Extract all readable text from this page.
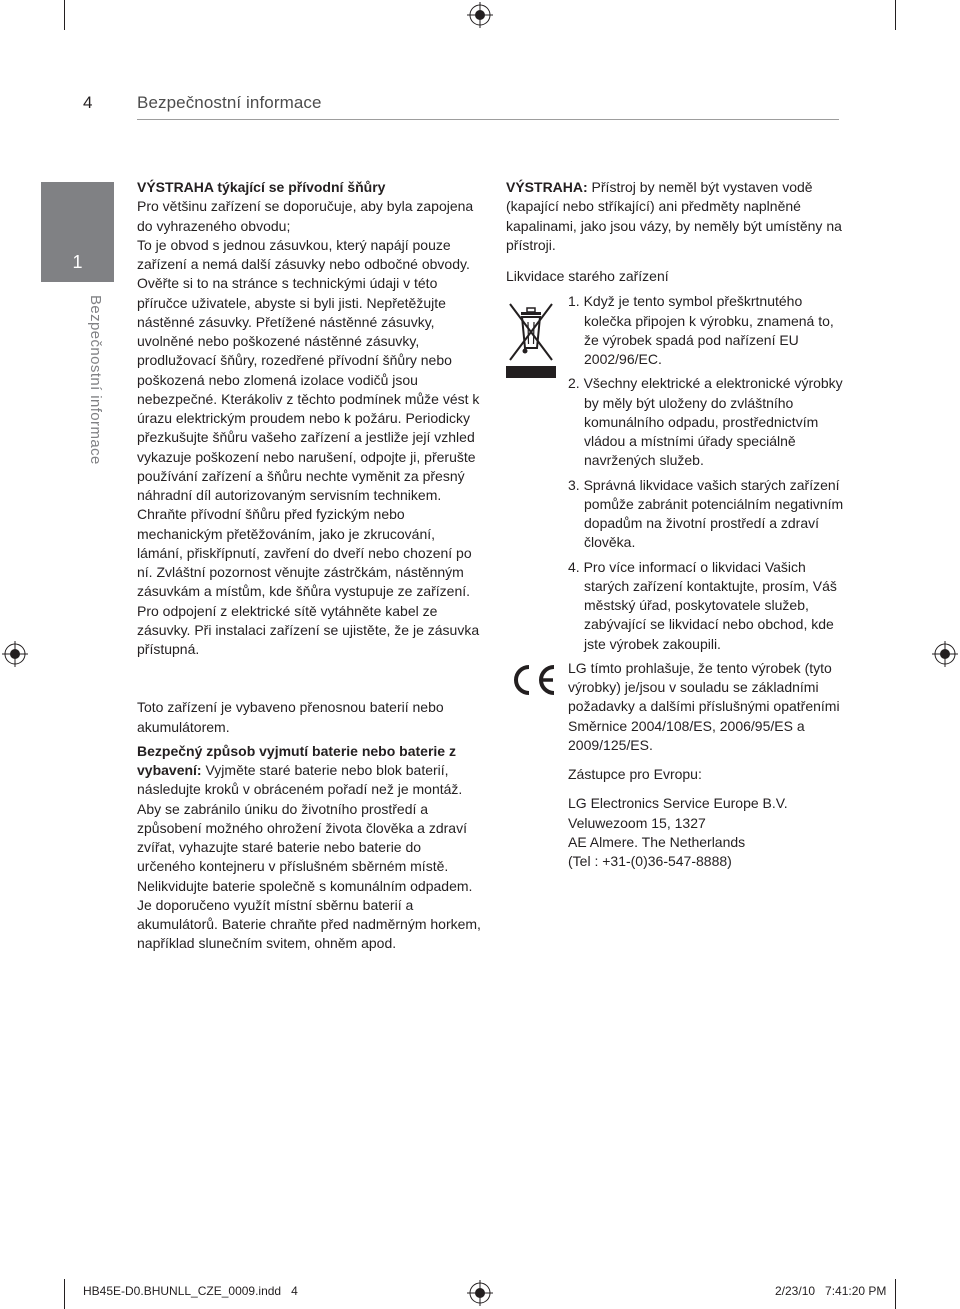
4	Bezpečnostní informace
1
Bezpečnostní informace

VÝSTRAHA týkající se přívodní šňůry

Pro většinu zařízení se doporučuje, aby byla zapojena do vyhrazeného obvodu;

To je obvod s jednou zásuvkou, který napájí pouze zařízení a nemá další zásuvky nebo odbočné obvody. Ověřte si to na stránce s technickými údaji v této příručce uživatele, abyste si byli jisti. Nepřetěžujte nástěnné zásuvky. Přetížené nástěnné zásuvky, uvolněné nebo poškozené nástěnné zásuvky, prodlužovací šňůry, rozedřené přívodní šňůry nebo poškozená nebo zlomená izolace vodičů jsou nebezpečné. Kterákoliv z těchto podmínek může vést k úrazu elektrickým proudem nebo k požáru. Periodicky přezkušujte šňůru vašeho zařízení a jestliže její vzhled vykazuje poškození nebo narušení, odpojte ji, přerušte používání zařízení a šňůru nechte vyměnit za přesný náhradní díl autorizovaným servisním technikem. Chraňte přívodní šňůru před fyzickým nebo mechanickým přetěžováním, jako je zkrucování, lámání, přiskřípnutí, zavření do dveří nebo chození po ní. Zvláštní pozornost věnujte zástrčkám, nástěnným zásuvkám a místům, kde šňůra vystupuje ze zařízení. Pro odpojení z elektrické sítě vytáhněte kabel ze zásuvky. Při instalaci zařízení se ujistěte, že je zásuvka přístupná.

Toto zařízení je vybaveno přenosnou baterií nebo akumulátorem.

Bezpečný způsob vyjmutí baterie nebo baterie z vybavení: Vyjměte staré baterie nebo blok baterií, následujte kroků v obráceném pořadí než je montáž. Aby se zabránilo úniku do životního prostředí a způsobení možného ohrožení života člověka a zdraví zvířat, vyhazujte staré baterie nebo baterie do určeného kontejneru v příslušném sběrném místě. Nelikvidujte baterie společně s komunálním odpadem. Je doporučeno využít místní sběrnu baterií a akumulátorů. Baterie chraňte před nadměrným horkem, například slunečním svitem, ohněm apod.

VÝSTRAHA: Přístroj by neměl být vystaven vodě (kapající nebo stříkající) ani předměty naplněné kapalinami, jako jsou vázy, by neměly být umístěny na přístroji.

Likvidace starého zařízení

1. Když je tento symbol přeškrtnutého kolečka připojen k výrobku, znamená to, že výrobek spadá pod nařízení EU 2002/96/EC.
2. Všechny elektrické a elektronické výrobky by měly být uloženy do zvláštního komunálního odpadu, prostřednictvím vládou a místními úřady speciálně navržených služeb.
3. Správná likvidace vašich starých zařízení pomůže zabránit potenciálním negativním dopadům na životní prostředí a zdraví člověka.
4. Pro více informací o likvidaci Vašich starých zařízení kontaktujte, prosím, Váš městský úřad, poskytovatele služeb, zabývající se likvidací nebo obchod, kde jste výrobek zakoupili.

LG tímto prohlašuje, že tento výrobek (tyto výrobky) je/jsou v souladu se základními požadavky a dalšími příslušnými opatřeními Směrnice 2004/108/ES, 2006/95/ES a 2009/125/ES.

Zástupce pro Evropu:

LG Electronics Service Europe B.V.
Veluwezoom 15, 1327
AE Almere. The Netherlands
(Tel : +31-(0)36-547-8888)

HB45E-D0.BHUNLL_CZE_0009.indd   4	2/23/10   7:41:20 PM
